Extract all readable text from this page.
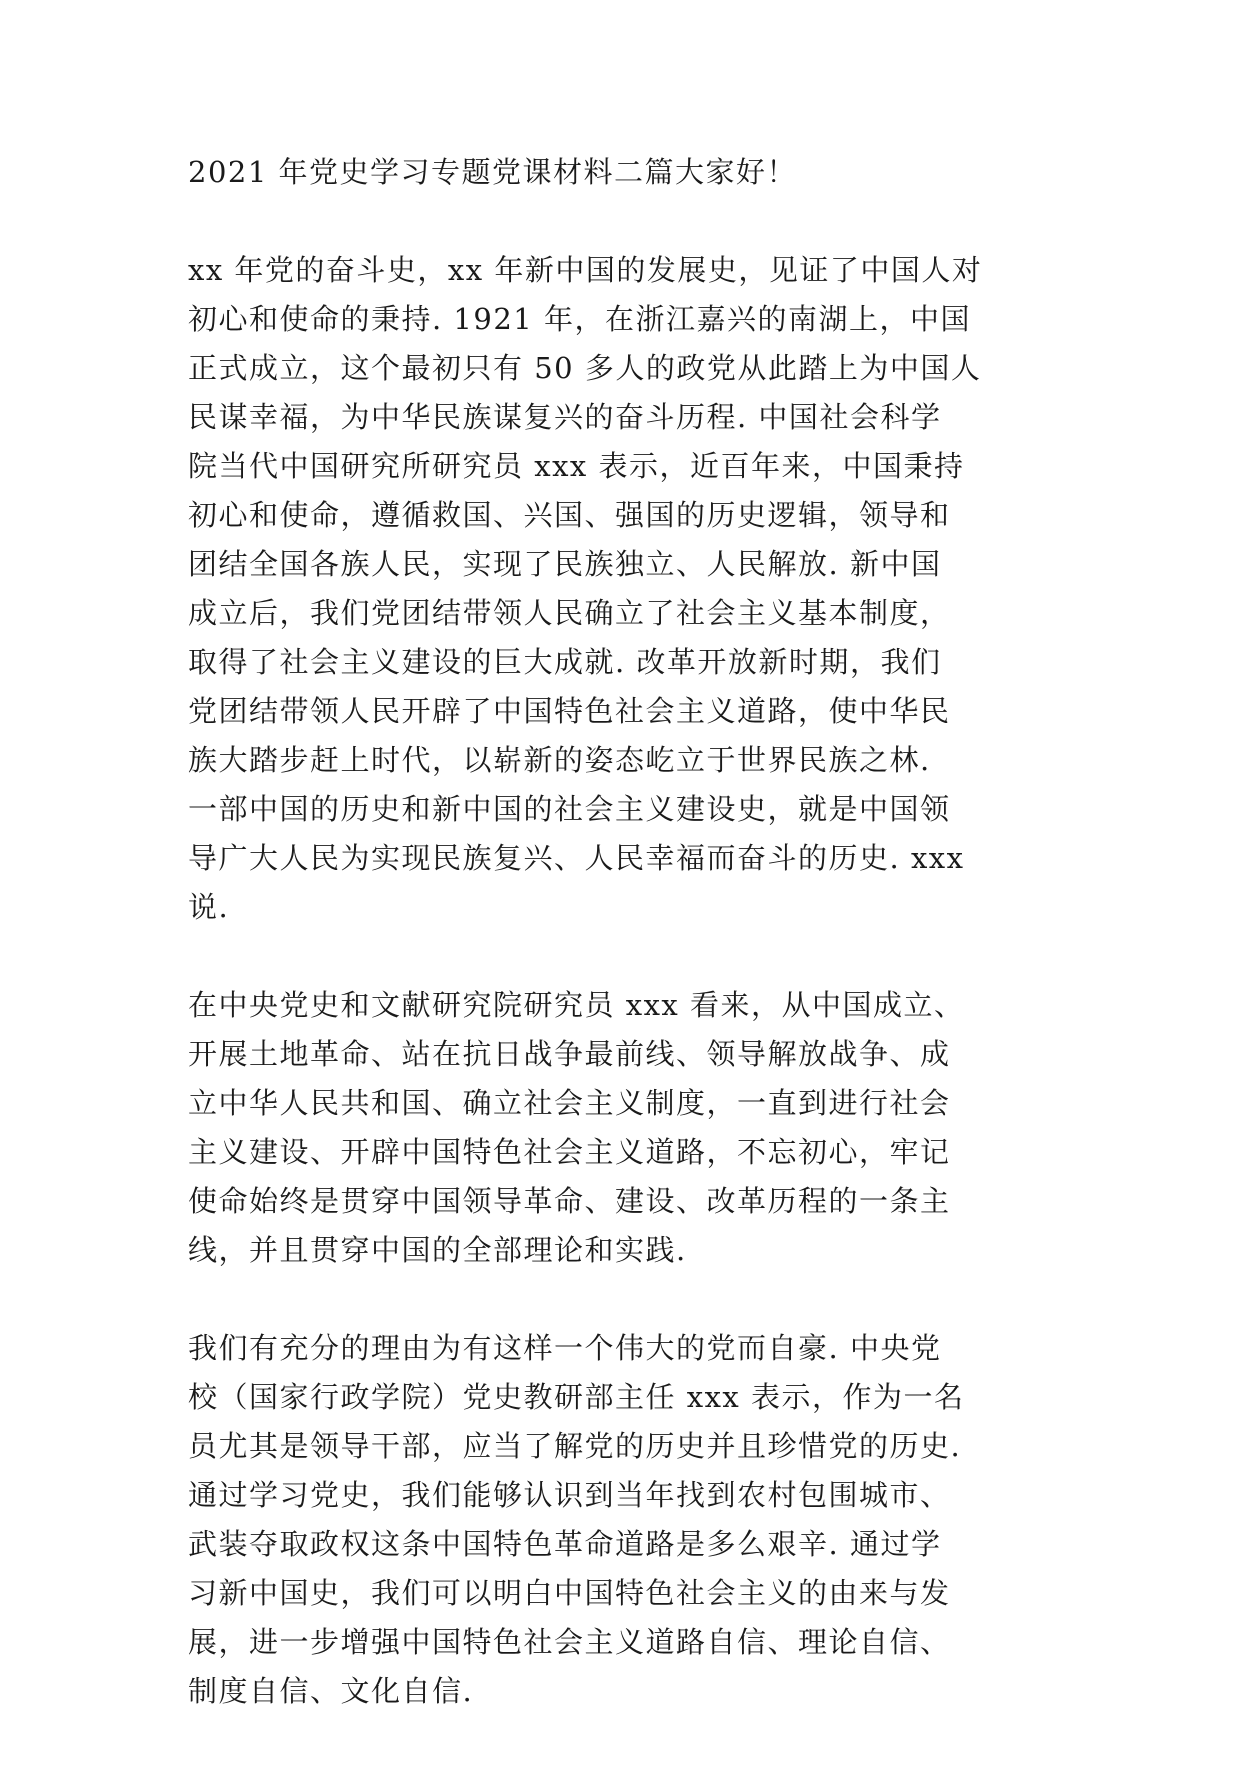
2021 年党史学习专题党课材料二篇大家好！
xx 年党的奋斗史，xx 年新中国的发展史，见证了中国人对
初心和使命的秉持. 1921 年，在浙江嘉兴的南湖上，中国
正式成立，这个最初只有 50 多人的政党从此踏上为中国人
民谋幸福，为中华民族谋复兴的奋斗历程. 中国社会科学
院当代中国研究所研究员 xxx 表示，近百年来，中国秉持
初心和使命，遵循救国、兴国、强国的历史逻辑，领导和
团结全国各族人民，实现了民族独立、人民解放. 新中国
成立后，我们党团结带领人民确立了社会主义基本制度，
取得了社会主义建设的巨大成就. 改革开放新时期，我们
党团结带领人民开辟了中国特色社会主义道路，使中华民
族大踏步赶上时代，以崭新的姿态屹立于世界民族之林.
一部中国的历史和新中国的社会主义建设史，就是中国领
导广大人民为实现民族复兴、人民幸福而奋斗的历史. xxx
说.
在中央党史和文献研究院研究员 xxx 看来，从中国成立、
开展土地革命、站在抗日战争最前线、领导解放战争、成
立中华人民共和国、确立社会主义制度，一直到进行社会
主义建设、开辟中国特色社会主义道路，不忘初心，牢记
使命始终是贯穿中国领导革命、建设、改革历程的一条主
线，并且贯穿中国的全部理论和实践.
我们有充分的理由为有这样一个伟大的党而自豪. 中央党
校（国家行政学院）党史教研部主任 xxx 表示，作为一名
员尤其是领导干部，应当了解党的历史并且珍惜党的历史.
通过学习党史，我们能够认识到当年找到农村包围城市、
武装夺取政权这条中国特色革命道路是多么艰辛. 通过学
习新中国史，我们可以明白中国特色社会主义的由来与发
展，进一步增强中国特色社会主义道路自信、理论自信、
制度自信、文化自信.
